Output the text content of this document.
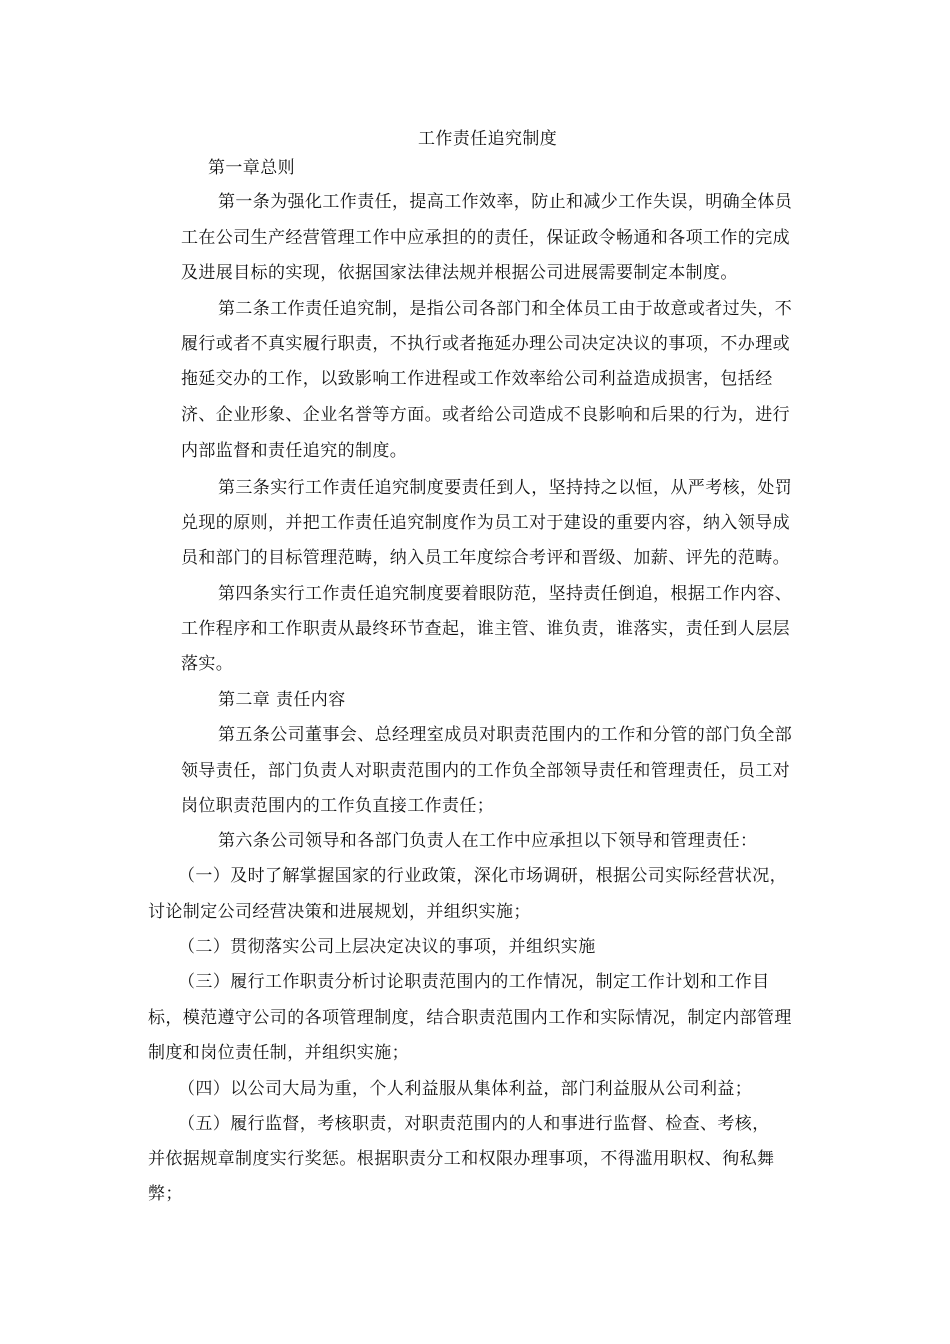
工作责任追究制度
第一章总则
第一条为强化工作责任，提高工作效率，防止和减少工作失误，明确全体员
工在公司生产经营管理工作中应承担的的责任，保证政令畅通和各项工作的完成
及进展目标的实现，依据国家法律法规并根据公司进展需要制定本制度。
第二条工作责任追究制，是指公司各部门和全体员工由于故意或者过失，不
履行或者不真实履行职责，不执行或者拖延办理公司决定决议的事项，不办理或
拖延交办的工作，以致影响工作进程或工作效率给公司利益造成损害，包括经
济、企业形象、企业名誉等方面。或者给公司造成不良影响和后果的行为，进行
内部监督和责任追究的制度。
第三条实行工作责任追究制度要责任到人，坚持持之以恒，从严考核，处罚
兑现的原则，并把工作责任追究制度作为员工对于建设的重要内容，纳入领导成
员和部门的目标管理范畴，纳入员工年度综合考评和晋级、加薪、评先的范畴。
第四条实行工作责任追究制度要着眼防范，坚持责任倒追，根据工作内容、
工作程序和工作职责从最终环节查起，谁主管、谁负责，谁落实，责任到人层层
落实。
第二章 责任内容
第五条公司董事会、总经理室成员对职责范围内的工作和分管的部门负全部
领导责任，部门负责人对职责范围内的工作负全部领导责任和管理责任，员工对
岗位职责范围内的工作负直接工作责任；
第六条公司领导和各部门负责人在工作中应承担以下领导和管理责任：
（一）及时了解掌握国家的行业政策，深化市场调研，根据公司实际经营状况，
讨论制定公司经营决策和进展规划，并组织实施；
（二）贯彻落实公司上层决定决议的事项，并组织实施
（三）履行工作职责分析讨论职责范围内的工作情况，制定工作计划和工作目
标，模范遵守公司的各项管理制度，结合职责范围内工作和实际情况，制定内部管理
制度和岗位责任制，并组织实施；
（四）以公司大局为重，个人利益服从集体利益，部门利益服从公司利益；
（五）履行监督，考核职责，对职责范围内的人和事进行监督、检查、考核，
并依据规章制度实行奖惩。根据职责分工和权限办理事项，不得滥用职权、徇私舞
弊；
